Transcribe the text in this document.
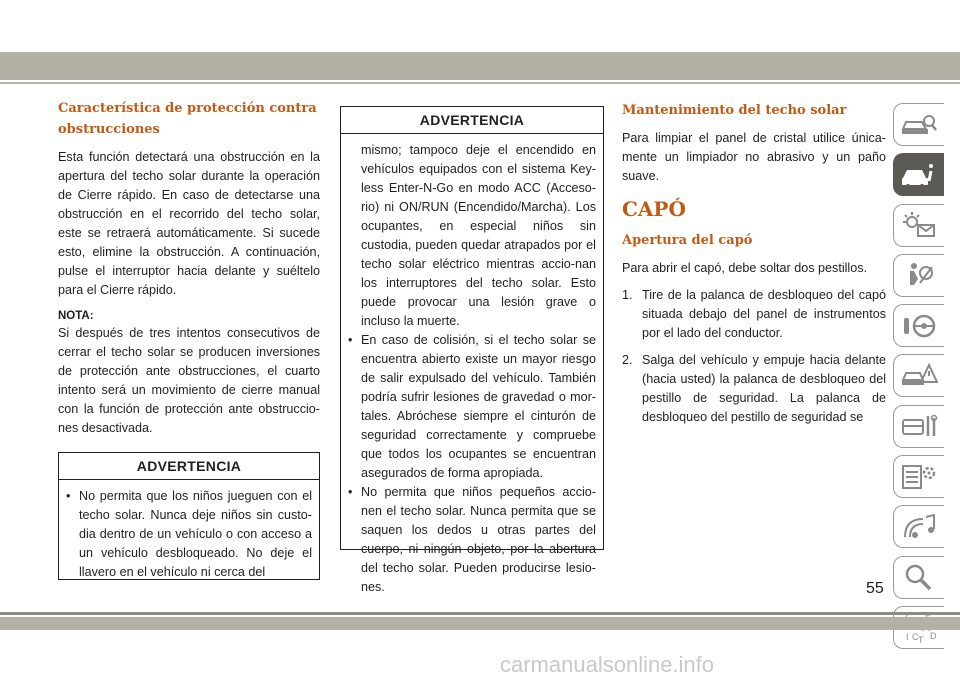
Característica de protección contra obstrucciones

Esta función detectará una obstrucción en la apertura del techo solar durante la operación de Cierre rápido. En caso de detectarse una obstrucción en el recorrido del techo solar, este se retraerá automáticamente. Si sucede esto, elimine la obstrucción. A continuación, pulse el interruptor hacia delante y suéltelo para el Cierre rápido.

NOTA:

Si después de tres intentos consecutivos de cerrar el techo solar se producen inversiones de protección ante obstrucciones, el cuarto intento será un movimiento de cierre manual con la función de protección ante obstruccio-nes desactivada.

ADVERTENCIA
• No permita que los niños jueguen con el techo solar. Nunca deje niños sin custo-dia dentro de un vehículo o con acceso a un vehículo desbloqueado. No deje el llavero en el vehículo ni cerca del
ADVERTENCIA
mismo; tampoco deje el encendido en vehículos equipados con el sistema Key-less Enter-N-Go en modo ACC (Acceso-rio) ni ON/RUN (Encendido/Marcha). Los ocupantes, en especial niños sin custodia, pueden quedar atrapados por el techo solar eléctrico mientras accio-nan los interruptores del techo solar. Esto puede provocar una lesión grave o incluso la muerte.
• En caso de colisión, si el techo solar se encuentra abierto existe un mayor riesgo de salir expulsado del vehículo. También podría sufrir lesiones de gravedad o mor-tales. Abróchese siempre el cinturón de seguridad correctamente y compruebe que todos los ocupantes se encuentran asegurados de forma apropiada.
• No permita que niños pequeños accio-nen el techo solar. Nunca permita que se saquen los dedos u otras partes del cuerpo, ni ningún objeto, por la abertura del techo solar. Pueden producirse lesio-nes.
Mantenimiento del techo solar

Para limpiar el panel de cristal utilice única-mente un limpiador no abrasivo y un paño suave.

CAPÓ
Apertura del capó

Para abrir el capó, debe soltar dos pestillos.

1. Tire de la palanca de desbloqueo del capó situada debajo del panel de instrumentos por el lado del conductor.
2. Salga del vehículo y empuje hacia delante (hacia usted) la palanca de desbloqueo del pestillo de seguridad. La palanca de desbloqueo del pestillo de seguridad se
I C D
T
55
carmanualsonline.info
